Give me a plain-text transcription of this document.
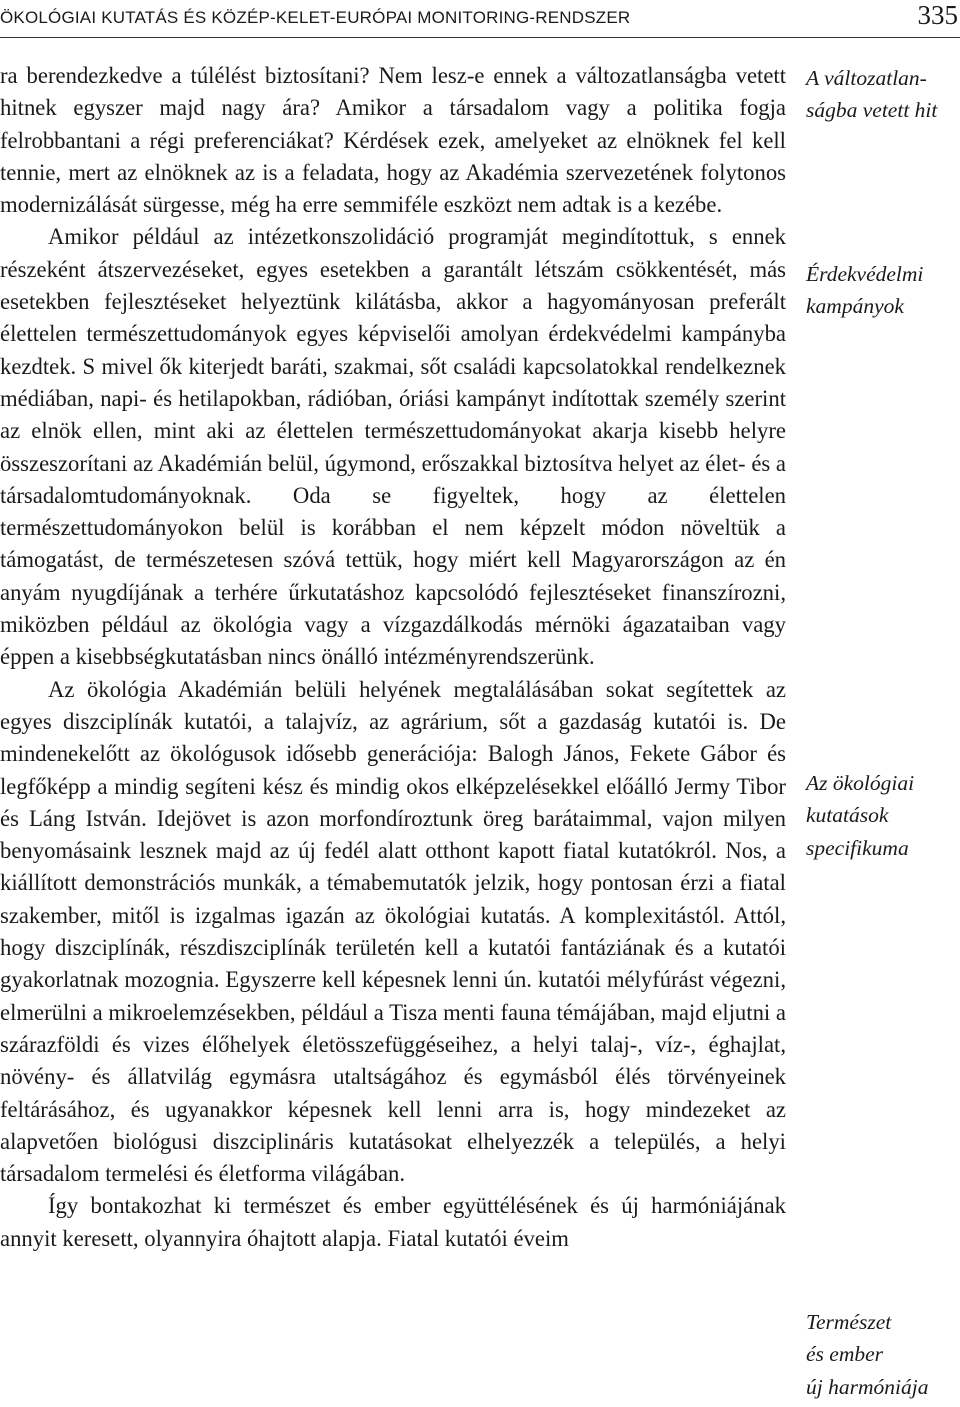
ÖKOLÓGIAI KUTATÁS ÉS KÖZÉP-KELET-EURÓPAI MONITORING-RENDSZER	335

ra berendezkedve a túlélést biztosítani? Nem lesz-e ennek a változatlanságba vetett hitnek egyszer majd nagy ára? Amikor a társadalom vagy a politika fogja felrobbantani a régi preferenciákat? Kérdések ezek, amelyeket az elnöknek fel kell tennie, mert az elnöknek az is a feladata, hogy az Akadémia szervezetének folytonos modernizálását sürgesse, még ha erre semmiféle eszközt nem adtak is a kezébe.

Amikor például az intézetkonszolidáció programját megindítottuk, s ennek részeként átszervezéseket, egyes esetekben a garantált létszám csökkentését, más esetekben fejlesztéseket helyeztünk kilátásba, akkor a hagyományosan preferált élettelen természettudományok egyes képviselői amolyan érdekvédelmi kampányba kezdtek. S mivel ők kiterjedt baráti, szakmai, sőt családi kapcsolatokkal rendelkeznek médiában, napi- és hetilapokban, rádióban, óriási kampányt indítottak személy szerint az elnök ellen, mint aki az élettelen természettudományokat akarja kisebb helyre összeszorítani az Akadémián belül, úgymond, erőszakkal biztosítva helyet az élet- és a társadalomtudományoknak. Oda se figyeltek, hogy az élettelen természettudományokon belül is korábban el nem képzelt módon növeltük a támogatást, de természetesen szóvá tettük, hogy miért kell Magyarországon az én anyám nyugdíjának a terhére űrkutatáshoz kapcsolódó fejlesztéseket finanszírozni, miközben például az ökológia vagy a vízgazdálkodás mérnöki ágazataiban vagy éppen a kisebbségkutatásban nincs önálló intézményrendszerünk.

Az ökológia Akadémián belüli helyének megtalálásában sokat segítettek az egyes diszciplínák kutatói, a talajvíz, az agrárium, sőt a gazdaság kutatói is. De mindenekelőtt az ökológusok idősebb generációja: Balogh János, Fekete Gábor és legfőképp a mindig segíteni kész és mindig okos elképzelésekkel előálló Jermy Tibor és Láng István. Idejövet is azon morfondíroztunk öreg barátaimmal, vajon milyen benyomásaink lesznek majd az új fedél alatt otthont kapott fiatal kutatókról. Nos, a kiállított demonstrációs munkák, a témabemutatók jelzik, hogy pontosan érzi a fiatal szakember, mitől is izgalmas igazán az ökológiai kutatás. A komplexitástól. Attól, hogy diszciplínák, részdiszciplínák területén kell a kutatói fantáziának és a kutatói gyakorlatnak mozognia. Egyszerre kell képesnek lenni ún. kutatói mélyfúrást végezni, elmerülni a mikroelemzésekben, például a Tisza menti fauna témájában, majd eljutni a szárazföldi és vizes élőhelyek életösszefüggéseihez, a helyi talaj-, víz-, éghajlat, növény- és állatvilág egymásra utaltságához és egymásból élés törvényeinek feltárásához, és ugyanakkor képesnek kell lenni arra is, hogy mindezeket az alapvetően biológusi diszciplináris kutatásokat elhelyezzék a település, a helyi társadalom termelési és életforma világában.

Így bontakozhat ki természet és ember együttélésének és új harmóniájának annyit keresett, olyannyira óhajtott alapja. Fiatal kutatói éveim

A változatlan-
ságba vetett hit
Érdekvédelmi
kampányok
Az ökológiai
kutatások
specifikuma
Természet
és ember
új harmóniája
